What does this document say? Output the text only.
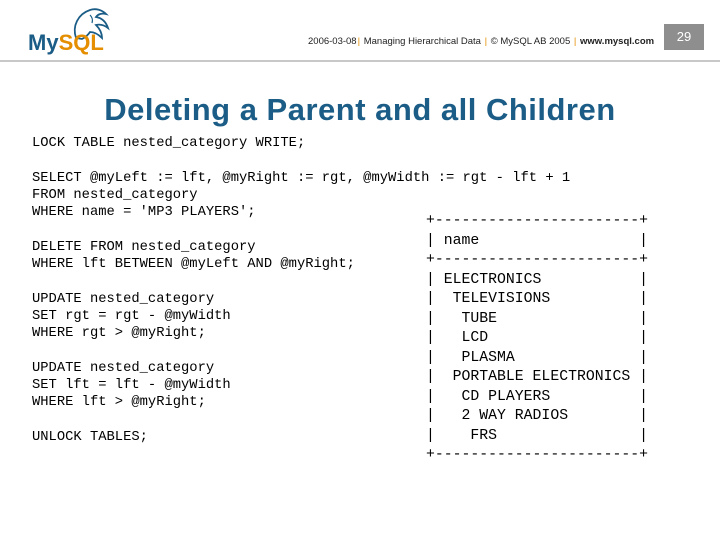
MySQL	2006-03-08| Managing Hierarchical Data | © MySQL AB 2005 | www.mysql.com	29
Deleting a Parent and all Children
LOCK TABLE nested_category WRITE;

SELECT @myLeft := lft, @myRight := rgt, @myWidth := rgt - lft + 1
FROM nested_category
WHERE name = 'MP3 PLAYERS';

DELETE FROM nested_category
WHERE lft BETWEEN @myLeft AND @myRight;

UPDATE nested_category
SET rgt = rgt - @myWidth
WHERE rgt > @myRight;

UPDATE nested_category
SET lft = lft - @myWidth
WHERE lft > @myRight;

UNLOCK TABLES;
+-----------------------+
| name                  |
+-----------------------+
| ELECTRONICS           |
|  TELEVISIONS          |
|   TUBE                |
|   LCD                 |
|   PLASMA              |
|  PORTABLE ELECTRONICS |
|   CD PLAYERS          |
|   2 WAY RADIOS        |
|    FRS                |
+-----------------------+
